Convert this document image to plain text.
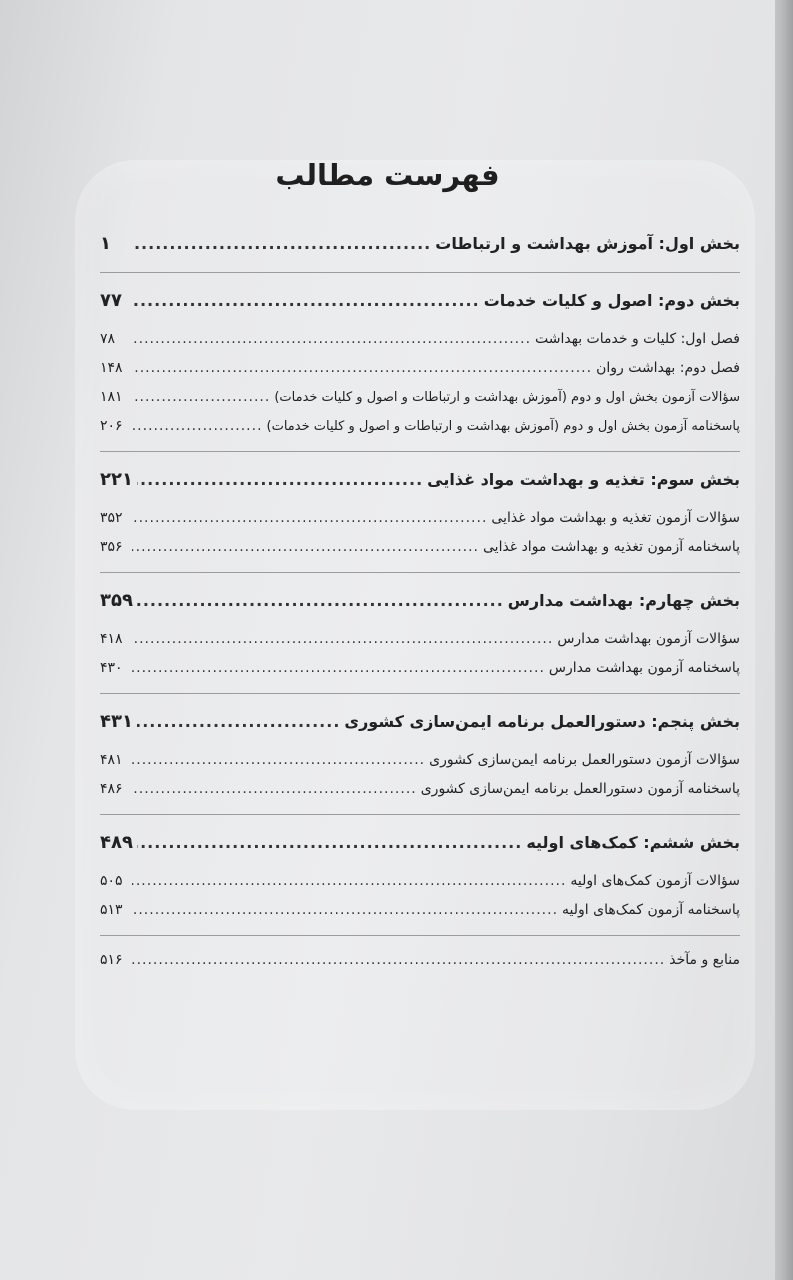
فهرست مطالب
بخش اول: آموزش بهداشت و ارتباطات
.....
۱
بخش دوم: اصول و کلیات خدمات
.....
۷۷
فصل اول: کلیات و خدمات بهداشت
.....
۷۸
فصل دوم: بهداشت روان
.....
۱۴۸
سؤالات آزمون بخش اول و دوم (آموزش بهداشت و ارتباطات و اصول و کلیات خدمات)
.....
۱۸۱
پاسخنامه آزمون بخش اول و دوم (آموزش بهداشت و ارتباطات و اصول و کلیات خدمات)
.....
۲۰۶
بخش سوم: تغذیه و بهداشت مواد غذایی
.....
۲۲۱
سؤالات آزمون تغذیه و بهداشت مواد غذایی
.....
۳۵۲
پاسخنامه آزمون تغذیه و بهداشت مواد غذایی
.....
۳۵۶
بخش چهارم: بهداشت مدارس
.....
۳۵۹
سؤالات آزمون بهداشت مدارس
.....
۴۱۸
پاسخنامه آزمون بهداشت مدارس
.....
۴۳۰
بخش پنجم: دستورالعمل برنامه ایمن‌سازی کشوری
.....
۴۳۱
سؤالات آزمون دستورالعمل برنامه ایمن‌سازی کشوری
.....
۴۸۱
پاسخنامه آزمون دستورالعمل برنامه ایمن‌سازی کشوری
.....
۴۸۶
بخش ششم: کمک‌های اولیه
.....
۴۸۹
سؤالات آزمون کمک‌های اولیه
.....
۵۰۵
پاسخنامه آزمون کمک‌های اولیه
.....
۵۱۳
منابع و مآخذ
.....
۵۱۶
